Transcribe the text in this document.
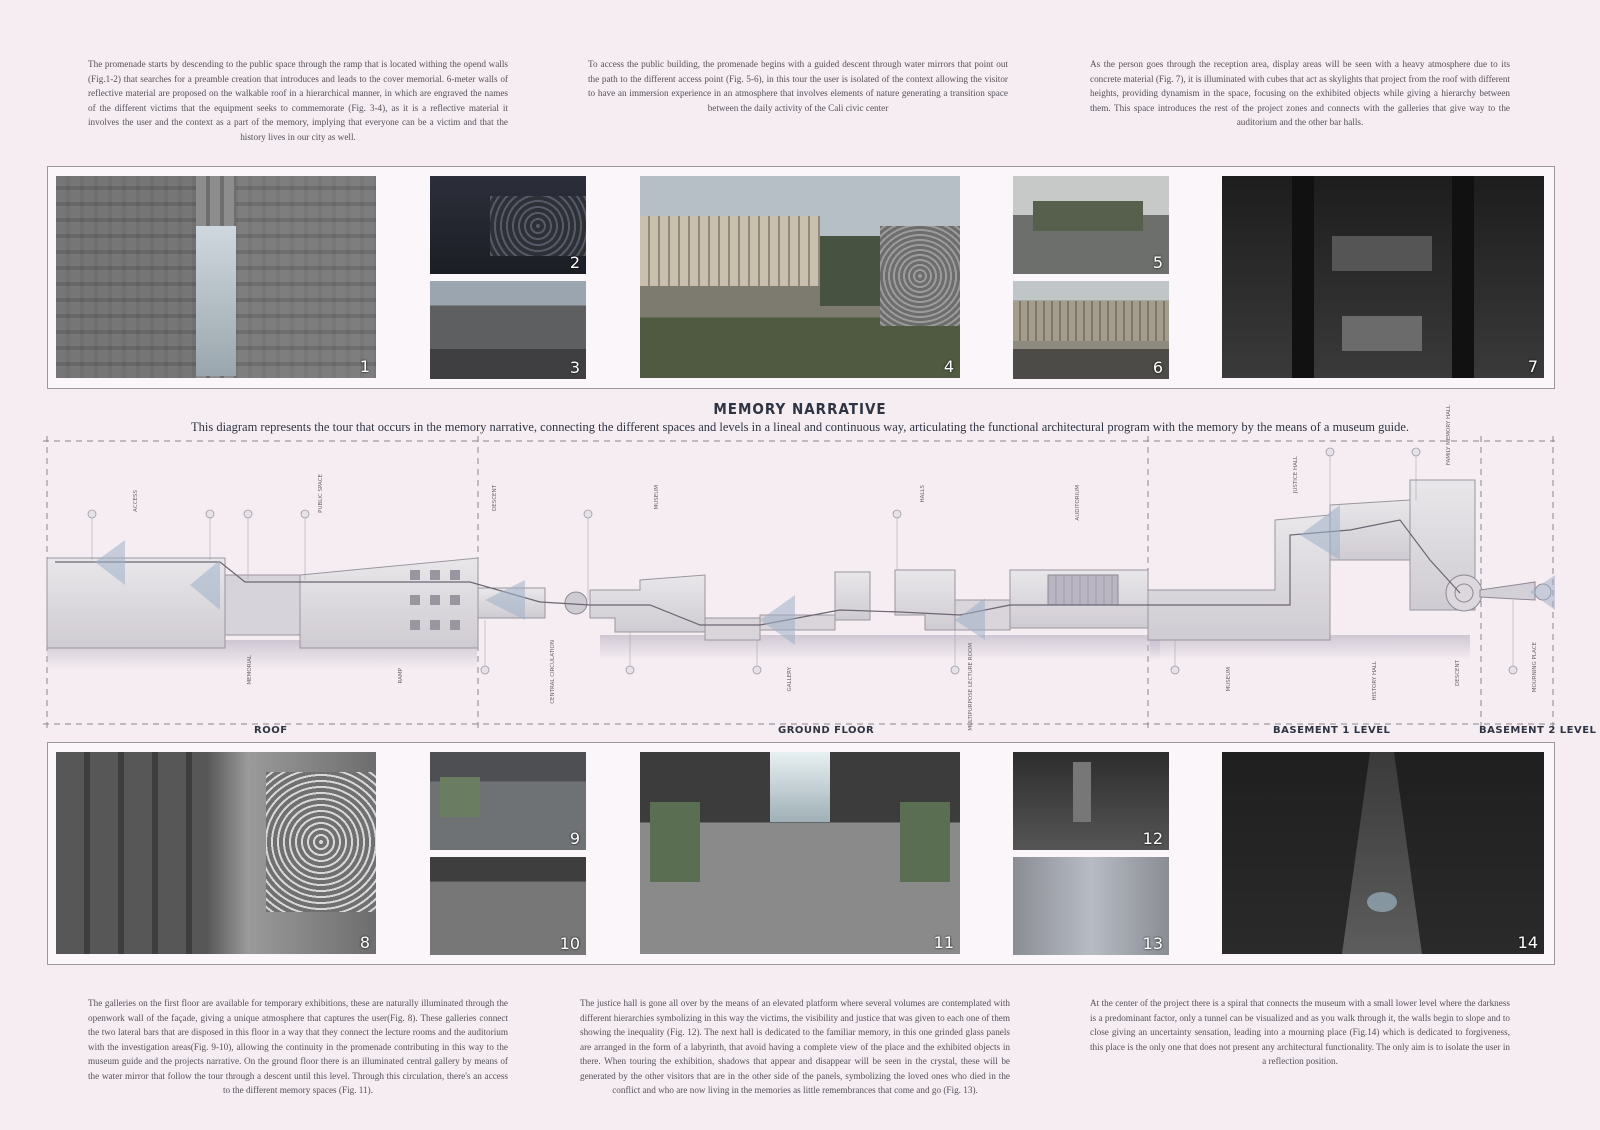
The promenade starts by descending to the public space through the ramp that is located withing the opend walls (Fig.1-2) that searches for a preamble creation that introduces and leads to the cover memorial. 6-meter walls of reflective material are proposed on the walkable roof in a hierarchical manner, in which are engraved the names of the different victims that the equipment seeks to commemorate (Fig. 3-4), as it is a reflective material it involves the user and the context as a part of the memory, implying that everyone can be a victim and that the history lives in our city as well.
To access the public building, the promenade begins with a guided descent through water mirrors that point out the path to the different access point (Fig. 5-6), in this tour the user is isolated of the context allowing the visitor to have an immersion experience in an atmosphere that involves elements of nature generating a transition space between the daily activity of the Cali civic center
As the person goes through the reception area, display areas will be seen with a heavy atmosphere due to its concrete material (Fig. 7), it is illuminated with cubes that act as skylights that project from the roof with different heights, providing dynamism in the space, focusing on the exhibited objects while giving a hierarchy between them. This space introduces the rest of the project zones and connects with the galleries that give way to the auditorium and the other bar halls.
1
2
3	4
5
6	7
MEMORY NARRATIVE
This diagram represents the tour that occurs in the memory narrative, connecting the different spaces and levels in a lineal and continuous way, articulating the functional architectural program with the memory by the means of a museum guide.
ACCESS	PUBLIC SPACE
MEMORIAL	RAMP
DESCENT
CENTRAL CIRCULATION
MUSEUM
GALLERY
HALLS
MULTIPURPOSE LECTURE ROOM
AUDITORIUM
MUSEUM
JUSTICE HALL
HISTORY HALL
FAMILY MEMORY HALL
DESCENT	MOURNING PLACE
ROOF	GROUND FLOOR	BASEMENT 1 LEVEL	BASEMENT 2 LEVEL
8
9
10	11
12
13	14
The galleries on the first floor are available for temporary exhibitions, these are naturally illuminated through the openwork wall of the façade, giving a unique atmosphere that captures the user(Fig. 8). These galleries connect the two lateral bars that are disposed in this floor in a way that they connect the lecture rooms and the auditorium with the investigation areas(Fig. 9-10), allowing the continuity in the promenade contributing in this way to the museum guide and the projects narrative. On the ground floor there is an illuminated central gallery by means of the water mirror that follow the tour through a descent until this level. Through this circulation, there's an access to the different memory spaces (Fig. 11).
The justice hall is gone all over by the means of an elevated platform where several volumes are contemplated with different hierarchies symbolizing in this way the victims, the visibility and justice that was given to each one of them showing the inequality (Fig. 12). The next hall is dedicated to the familiar memory, in this one grinded glass panels are arranged in the form of a labyrinth, that avoid having a complete view of the place and the exhibited objects in there. When touring the exhibition, shadows that appear and disappear will be seen in the crystal, these will be generated by the other visitors that are in the other side of the panels, symbolizing the loved ones who died in the conflict and who are now living in the memories as little remembrances that come and go (Fig. 13).
At the center of the project there is a spiral that connects the museum with a small lower level where the darkness is a predominant factor, only a tunnel can be visualized and as you walk through it, the walls begin to slope and to close giving an uncertainty sensation, leading into a mourning place (Fig.14) which is dedicated to forgiveness, this place is the only one that does not present any architectural functionality. The only aim is to isolate the user in a reflection position.
